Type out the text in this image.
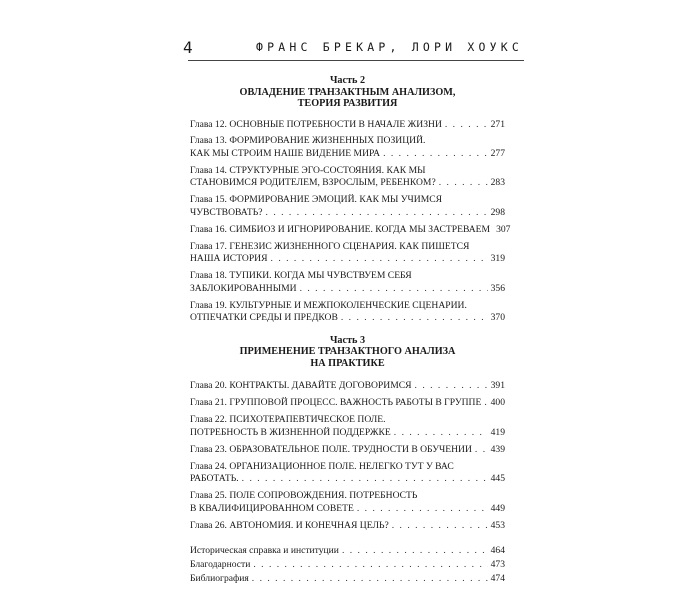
4	ФРАНС БРЕКАР, ЛОРИ ХОУКС
Часть 2
ОВЛАДЕНИЕ ТРАНЗАКТНЫМ АНАЛИЗОМ,
ТЕОРИЯ РАЗВИТИЯ
Глава 12. ОСНОВНЫЕ ПОТРЕБНОСТИ В НАЧАЛЕ ЖИЗНИ . . .	271
Глава 13. ФОРМИРОВАНИЕ ЖИЗНЕННЫХ ПОЗИЦИЙ.
КАК МЫ СТРОИМ НАШЕ ВИДЕНИЕ МИРА . . .	277
Глава 14. СТРУКТУРНЫЕ ЭГО-СОСТОЯНИЯ. КАК МЫ
СТАНОВИМСЯ РОДИТЕЛЕМ, ВЗРОСЛЫМ, РЕБЕНКОМ? . . .	283
Глава 15. ФОРМИРОВАНИЕ ЭМОЦИЙ. КАК МЫ УЧИМСЯ
ЧУВСТВОВАТЬ? . . .	298
Глава 16. СИМБИОЗ И ИГНОРИРОВАНИЕ. КОГДА МЫ ЗАСТРЕВАЕМ 307
Глава 17. ГЕНЕЗИС ЖИЗНЕННОГО СЦЕНАРИЯ. КАК ПИШЕТСЯ
НАША ИСТОРИЯ . . .	319
Глава 18. ТУПИКИ. КОГДА МЫ ЧУВСТВУЕМ СЕБЯ
ЗАБЛОКИРОВАННЫМИ . . .	356
Глава 19. КУЛЬТУРНЫЕ И МЕЖПОКОЛЕНЧЕСКИЕ СЦЕНАРИИ.
ОТПЕЧАТКИ СРЕДЫ И ПРЕДКОВ . . .	370
Часть 3
ПРИМЕНЕНИЕ ТРАНЗАКТНОГО АНАЛИЗА
НА ПРАКТИКЕ
Глава 20. КОНТРАКТЫ. ДАВАЙТЕ ДОГОВОРИМСЯ . . .	391
Глава 21. ГРУППОВОЙ ПРОЦЕСС. ВАЖНОСТЬ РАБОТЫ В ГРУППЕ . . . 400
Глава 22. ПСИХОТЕРАПЕВТИЧЕСКОЕ ПОЛЕ.
ПОТРЕБНОСТЬ В ЖИЗНЕННОЙ ПОДДЕРЖКЕ . . .	419
Глава 23. ОБРАЗОВАТЕЛЬНОЕ ПОЛЕ. ТРУДНОСТИ В ОБУЧЕНИИ . . . 439
Глава 24. ОРГАНИЗАЦИОННОЕ ПОЛЕ. НЕЛЕГКО ТУТ У ВАС
РАБОТАТЬ. . . .	445
Глава 25. ПОЛЕ СОПРОВОЖДЕНИЯ. ПОТРЕБНОСТЬ
В КВАЛИФИЦИРОВАННОМ СОВЕТЕ . . .	449
Глава 26. АВТОНОМИЯ. И КОНЕЧНАЯ ЦЕЛЬ? . . .	453
Историческая справка и институции . . .	464
Благодарности . . .	473
Библиография . . .	474
